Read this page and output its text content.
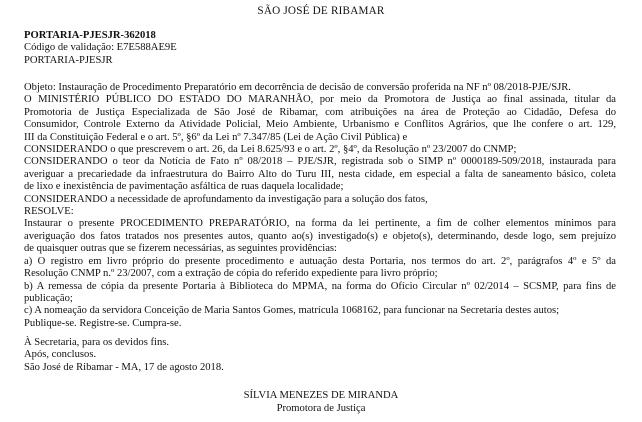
SÃO JOSÉ DE RIBAMAR
PORTARIA-PJESJR-362018
Código de validação: E7E588AE9E
PORTARIA-PJESJR
Objeto: Instauração de Procedimento Preparatório em decorrência de decisão de conversão proferida na NF nº 08/2018-PJE/SJR.
O MINISTÉRIO PÚBLICO DO ESTADO DO MARANHÃO, por meio da Promotora de Justiça ao final assinada, titular da
Promotoria de Justiça Especializada de São José de Ribamar, com atribuições na área de Proteção ao Cidadão, Defesa do
Consumidor, Controle Externo da Atividade Policial, Meio Ambiente, Urbanismo e Conflitos Agrários, que lhe confere o art. 129,
III da Constituição Federal e o art. 5º, §6º da Lei nº 7.347/85 (Lei de Ação Civil Pública) e
CONSIDERANDO o que prescrevem o art. 26, da Lei 8.625/93 e o art. 2º, §4º, da Resolução nº 23/2007 do CNMP;
CONSIDERANDO o teor da Notícia de Fato nº 08/2018 – PJE/SJR, registrada sob o SIMP nº 0000189-509/2018, instaurada para
averiguar a precariedade da infraestrutura do Bairro Alto do Turu III, nesta cidade, em especial a falta de saneamento básico, coleta
de lixo e inexistência de pavimentação asfáltica de ruas daquela localidade;
CONSIDERANDO a necessidade de aprofundamento da investigação para a solução dos fatos,
RESOLVE:
Instaurar o presente PROCEDIMENTO PREPARATÓRIO, na forma da lei pertinente, a fim de colher elementos mínimos para
averiguação dos fatos tratados nos presentes autos, quanto ao(s) investigado(s) e objeto(s), determinando, desde logo, sem prejuízo
de quaisquer outras que se fizerem necessárias, as seguintes providências:
a) O registro em livro próprio do presente procedimento e autuação desta Portaria, nos termos do art. 2º, parágrafos 4º e 5º da
Resolução CNMP n.º 23/2007, com a extração de cópia do referido expediente para livro próprio;
b) A remessa de cópia da presente Portaria à Biblioteca do MPMA, na forma do Ofício Circular nº 02/2014 – SCSMP, para fins de
publicação;
c) A nomeação da servidora Conceição de Maria Santos Gomes, matrícula 1068162, para funcionar na Secretaria destes autos;
Publique-se. Registre-se. Cumpra-se.
À Secretaria, para os devidos fins.
Após, conclusos.
São José de Ribamar - MA, 17 de agosto 2018.
SÍLVIA MENEZES DE MIRANDA
Promotora de Justiça
